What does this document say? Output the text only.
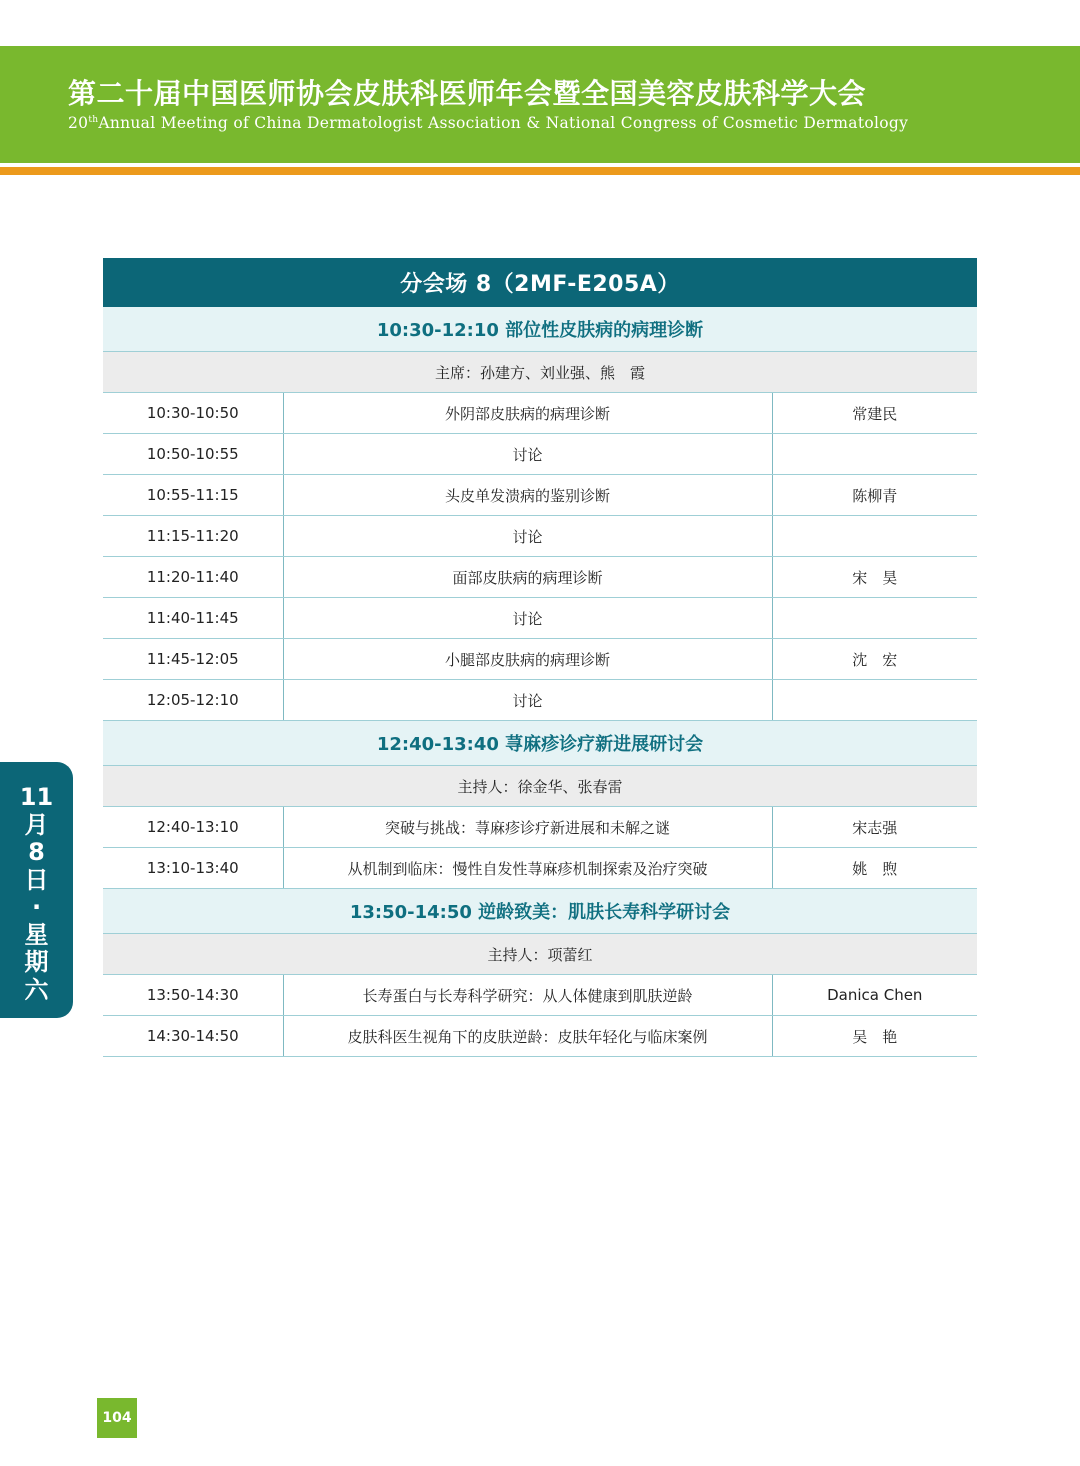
第二十届中国医师协会皮肤科医师年会暨全国美容皮肤科学大会
20thAnnual Meeting of China Dermatologist Association & National Congress of Cosmetic Dermatology
11
月
8
日
·
星
期
六
分会场 8（2MF-E205A）		
10:30-12:10 部位性皮肤病的病理诊断		
主席：孙建方、刘业强、熊　霞		
10:30-10:50	外阴部皮肤病的病理诊断	常建民
10:50-10:55	讨论	
10:55-11:15	头皮单发溃病的鉴别诊断	陈柳青
11:15-11:20	讨论	
11:20-11:40	面部皮肤病的病理诊断	宋　昊
11:40-11:45	讨论	
11:45-12:05	小腿部皮肤病的病理诊断	沈　宏
12:05-12:10	讨论	
12:40-13:40 荨麻疹诊疗新进展研讨会		
主持人：徐金华、张春雷		
12:40-13:10	突破与挑战：荨麻疹诊疗新进展和未解之谜	宋志强
13:10-13:40	从机制到临床：慢性自发性荨麻疹机制探索及治疗突破	姚　煦
13:50-14:50 逆龄致美：肌肤长寿科学研讨会		
主持人：项蕾红		
13:50-14:30	长寿蛋白与长寿科学研究：从人体健康到肌肤逆龄	Danica Chen
14:30-14:50	皮肤科医生视角下的皮肤逆龄：皮肤年轻化与临床案例	吴　艳
104
